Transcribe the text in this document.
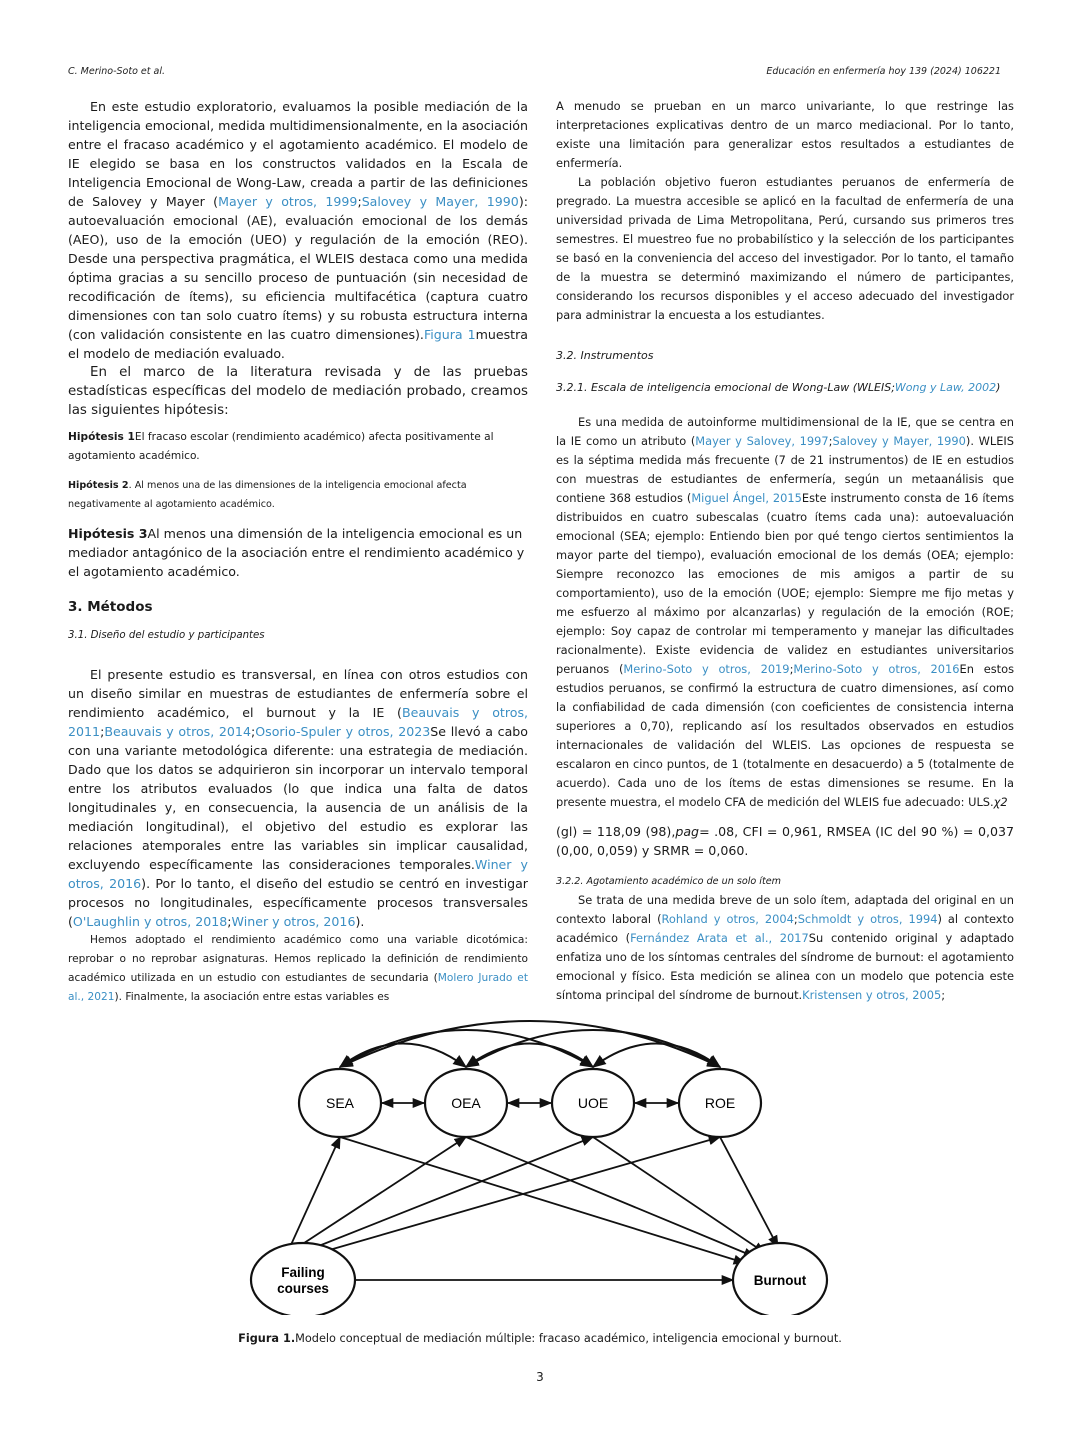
C. Merino-Soto et al.	Educación en enfermería hoy 139 (2024) 106221

En este estudio exploratorio, evaluamos la posible mediación de la inteligencia emocional, medida multidimensionalmente, en la asociación entre el fracaso académico y el agotamiento académico. El modelo de IE elegido se basa en los constructos validados en la Escala de Inteligencia Emocional de Wong-Law, creada a partir de las definiciones de Salovey y Mayer (Mayer y otros, 1999;Salovey y Mayer, 1990): autoevaluación emocional (AE), evaluación emocional de los demás (AEO), uso de la emoción (UEO) y regulación de la emoción (REO). Desde una perspectiva pragmática, el WLEIS destaca como una medida óptima gracias a su sencillo proceso de puntuación (sin necesidad de recodificación de ítems), su eficiencia multifacética (captura cuatro dimensiones con tan solo cuatro ítems) y su robusta estructura interna (con validación consistente en las cuatro dimensiones).Figura 1muestra el modelo de mediación evaluado.

En el marco de la literatura revisada y de las pruebas estadísticas específicas del modelo de mediación probado, creamos las siguientes hipótesis:

Hipótesis 1El fracaso escolar (rendimiento académico) afecta positivamente al agotamiento académico.

Hipótesis 2. Al menos una de las dimensiones de la inteligencia emocional afecta negativamente al agotamiento académico.

Hipótesis 3Al menos una dimensión de la inteligencia emocional es un mediador antagónico de la asociación entre el rendimiento académico y el agotamiento académico.

3. Métodos

3.1. Diseño del estudio y participantes

El presente estudio es transversal, en línea con otros estudios con un diseño similar en muestras de estudiantes de enfermería sobre el rendimiento académico, el burnout y la IE (Beauvais y otros, 2011;Beauvais y otros, 2014;Osorio-Spuler y otros, 2023Se llevó a cabo con una variante metodológica diferente: una estrategia de mediación. Dado que los datos se adquirieron sin incorporar un intervalo temporal entre los atributos evaluados (lo que indica una falta de datos longitudinales y, en consecuencia, la ausencia de un análisis de la mediación longitudinal), el objetivo del estudio es explorar las relaciones atemporales entre las variables sin implicar causalidad, excluyendo específicamente las consideraciones temporales.Winer y otros, 2016). Por lo tanto, el diseño del estudio se centró en investigar procesos no longitudinales, específicamente procesos transversales (O'Laughlin y otros, 2018;Winer y otros, 2016).

Hemos adoptado el rendimiento académico como una variable dicotómica: reprobar o no reprobar asignaturas. Hemos replicado la definición de rendimiento académico utilizada en un estudio con estudiantes de secundaria (Molero Jurado et al., 2021). Finalmente, la asociación entre estas variables es

A menudo se prueban en un marco univariante, lo que restringe las interpretaciones explicativas dentro de un marco mediacional. Por lo tanto, existe una limitación para generalizar estos resultados a estudiantes de enfermería.

La población objetivo fueron estudiantes peruanos de enfermería de pregrado. La muestra accesible se aplicó en la facultad de enfermería de una universidad privada de Lima Metropolitana, Perú, cursando sus primeros tres semestres. El muestreo fue no probabilístico y la selección de los participantes se basó en la conveniencia del acceso del investigador. Por lo tanto, el tamaño de la muestra se determinó maximizando el número de participantes, considerando los recursos disponibles y el acceso adecuado del investigador para administrar la encuesta a los estudiantes.

3.2. Instrumentos

3.2.1. Escala de inteligencia emocional de Wong-Law (WLEIS;Wong y Law, 2002)

Es una medida de autoinforme multidimensional de la IE, que se centra en la IE como un atributo (Mayer y Salovey, 1997;Salovey y Mayer, 1990). WLEIS es la séptima medida más frecuente (7 de 21 instrumentos) de IE en estudios con muestras de estudiantes de enfermería, según un metaanálisis que contiene 368 estudios (Miguel Ángel, 2015Este instrumento consta de 16 ítems distribuidos en cuatro subescalas (cuatro ítems cada una): autoevaluación emocional (SEA; ejemplo: Entiendo bien por qué tengo ciertos sentimientos la mayor parte del tiempo), evaluación emocional de los demás (OEA; ejemplo: Siempre reconozco las emociones de mis amigos a partir de su comportamiento), uso de la emoción (UOE; ejemplo: Siempre me fijo metas y me esfuerzo al máximo por alcanzarlas) y regulación de la emoción (ROE; ejemplo: Soy capaz de controlar mi temperamento y manejar las dificultades racionalmente). Existe evidencia de validez en estudiantes universitarios peruanos (Merino-Soto y otros, 2019;Merino-Soto y otros, 2016En estos estudios peruanos, se confirmó la estructura de cuatro dimensiones, así como la confiabilidad de cada dimensión (con coeficientes de consistencia interna superiores a 0,70), replicando así los resultados observados en estudios internacionales de validación del WLEIS. Las opciones de respuesta se escalaron en cinco puntos, de 1 (totalmente en desacuerdo) a 5 (totalmente de acuerdo). Cada uno de los ítems de estas dimensiones se resume. En la presente muestra, el modelo CFA de medición del WLEIS fue adecuado: ULS.χ2

(gl) = 118,09 (98),pag= .08, CFI = 0,961, RMSEA (IC del 90 %) = 0,037 (0,00, 0,059) y SRMR = 0,060.

3.2.2. Agotamiento académico de un solo ítem

Se trata de una medida breve de un solo ítem, adaptada del original en un contexto laboral (Rohland y otros, 2004;Schmoldt y otros, 1994) al contexto académico (Fernández Arata et al., 2017Su contenido original y adaptado enfatiza uno de los síntomas centrales del síndrome de burnout: el agotamiento emocional y físico. Esta medición se alinea con un modelo que potencia este síntoma principal del síndrome de burnout.Kristensen y otros, 2005;

SEA	OEA	UOE	ROE
Failing
courses
Burnout
Figura 1.Modelo conceptual de mediación múltiple: fracaso académico, inteligencia emocional y burnout.
3
